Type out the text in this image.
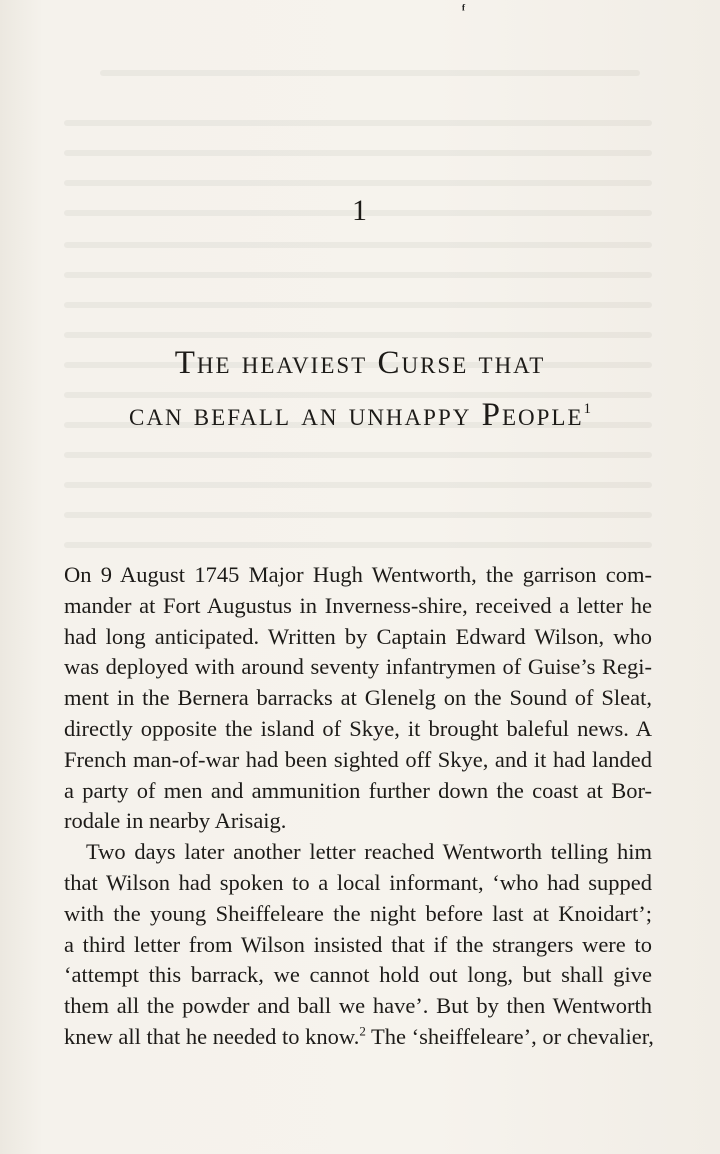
ᶠ
1
The heaviest Curse that
can befall an unhappy People$^1$
On 9 August 1745 Major Hugh Wentworth, the garrison com-
mander at Fort Augustus in Inverness-shire, received a letter he
had long anticipated. Written by Captain Edward Wilson, who
was deployed with around seventy infantrymen of Guise’s Regi-
ment in the Bernera barracks at Glenelg on the Sound of Sleat,
directly opposite the island of Skye, it brought baleful news. A
French man-of-war had been sighted off Skye, and it had landed
a party of men and ammunition further down the coast at Bor-
rodale in nearby Arisaig.
Two days later another letter reached Wentworth telling him
that Wilson had spoken to a local informant, ‘who had supped
with the young Sheiffeleare the night before last at Knoidart’;
a third letter from Wilson insisted that if the strangers were to
‘attempt this barrack, we cannot hold out long, but shall give
them all the powder and ball we have’. But by then Wentworth
knew all that he needed to know.$^2$ The ‘sheiffeleare’, or chevalier,
